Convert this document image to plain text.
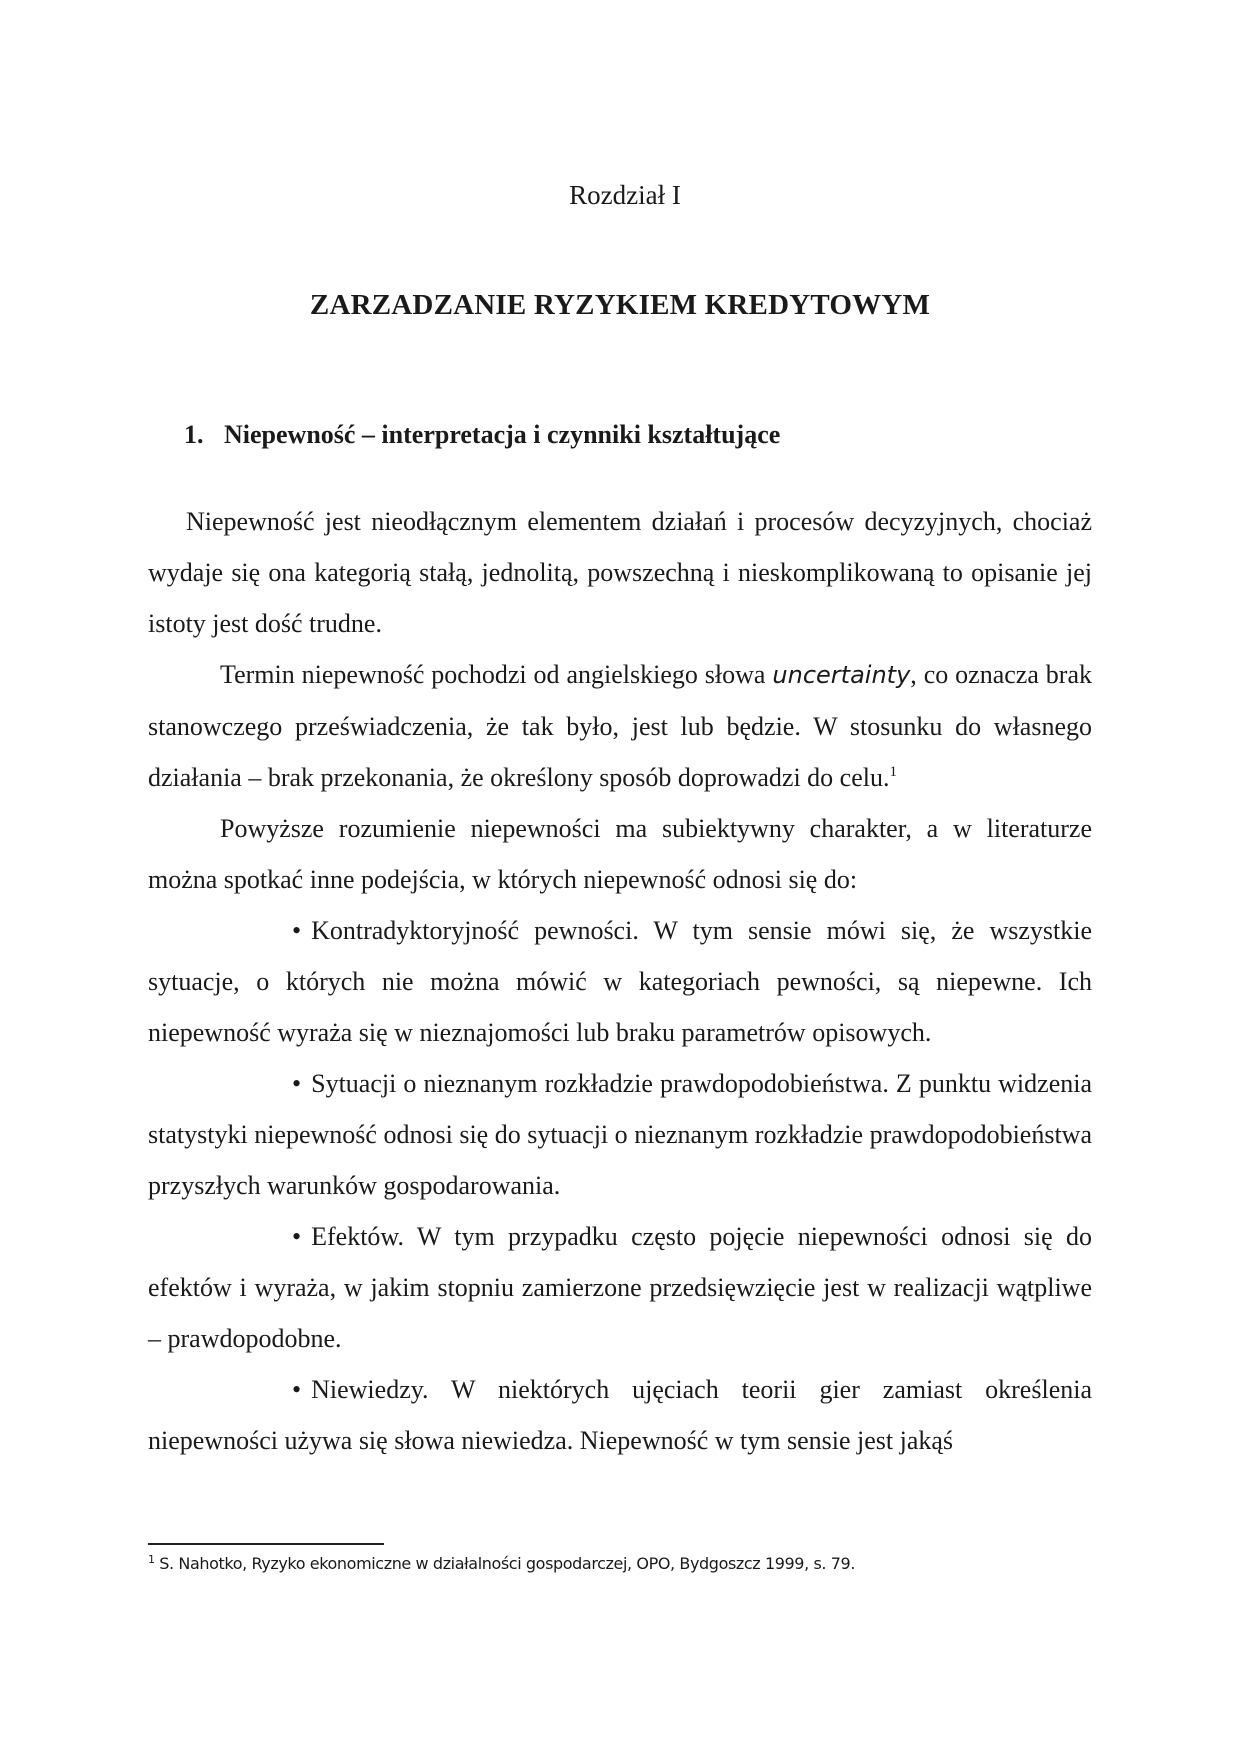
Rozdział I
ZARZADZANIE RYZYKIEM KREDYTOWYM
1. Niepewność – interpretacja i czynniki kształtujące

Niepewność jest nieodłącznym elementem działań i procesów decyzyjnych, chociaż wydaje się ona kategorią stałą, jednolitą, powszechną i nieskomplikowaną to opisanie jej istoty jest dość trudne.

Termin niepewność pochodzi od angielskiego słowa uncertainty, co oznacza brak stanowczego przeświadczenia, że tak było, jest lub będzie. W stosunku do własnego działania – brak przekonania, że określony sposób doprowadzi do celu.$^1$

Powyższe rozumienie niepewności ma subiektywny charakter, a w literaturze można spotkać inne podejścia, w których niepewność odnosi się do:

• Kontradyktoryjność pewności. W tym sensie mówi się, że wszystkie sytuacje, o których nie można mówić w kategoriach pewności, są niepewne. Ich niepewność wyraża się w nieznajomości lub braku parametrów opisowych.

• Sytuacji o nieznanym rozkładzie prawdopodobieństwa. Z punktu widzenia statystyki niepewność odnosi się do sytuacji o nieznanym rozkładzie prawdopodobieństwa przyszłych warunków gospodarowania.

• Efektów. W tym przypadku często pojęcie niepewności odnosi się do efektów i wyraża, w jakim stopniu zamierzone przedsięwzięcie jest w realizacji wątpliwe – prawdopodobne.

• Niewiedzy. W niektórych ujęciach teorii gier zamiast określenia niepewności używa się słowa niewiedza. Niepewność w tym sensie jest jakąś

$^1$ S. Nahotko, Ryzyko ekonomiczne w działalności gospodarczej, OPO, Bydgoszcz 1999, s. 79.
